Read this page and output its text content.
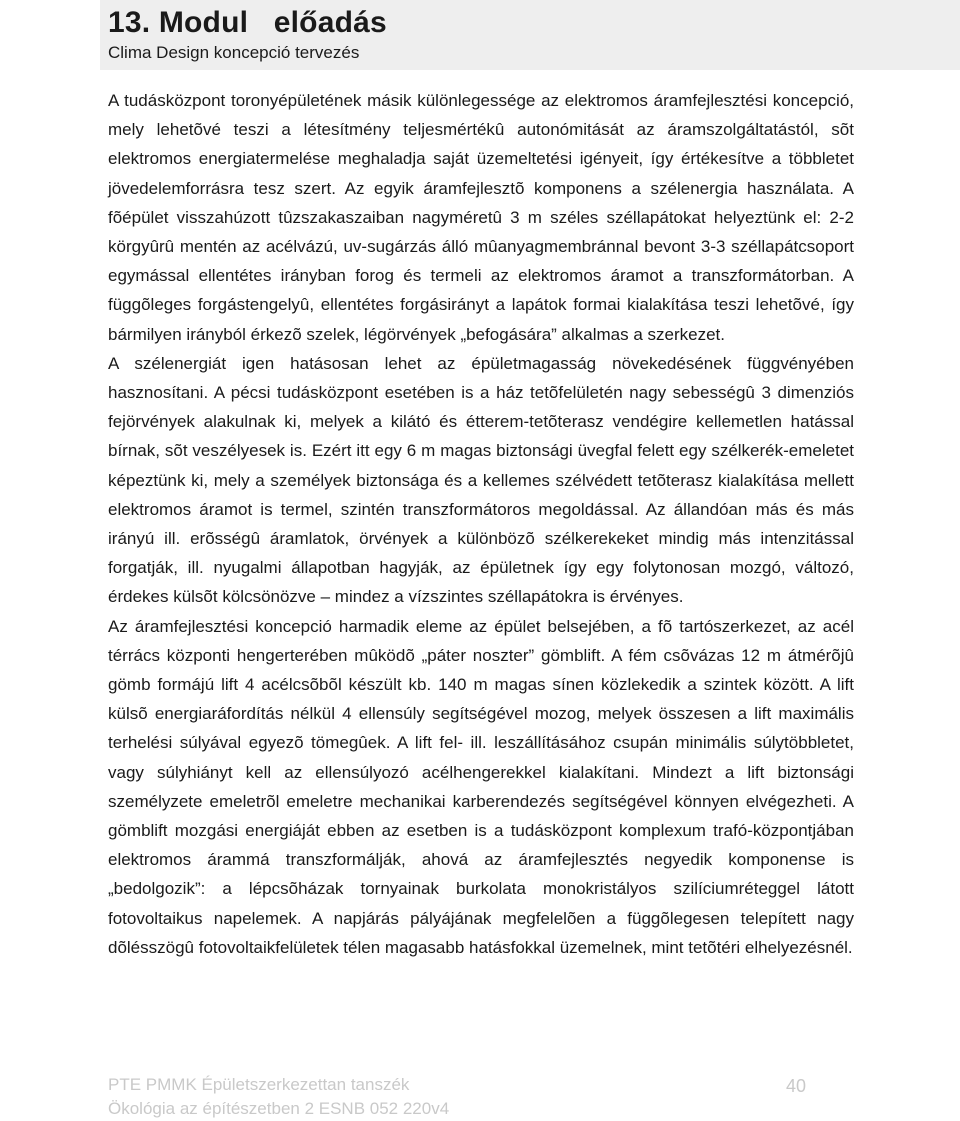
13. Modul   előadás
Clima Design koncepció tervezés

A tudásközpont toronyépületének másik különlegessége az elektromos áramfejlesztési koncepció, mely lehetõvé teszi a létesítmény teljesmértékû autonómitását az áramszolgáltatástól, sõt elektromos energiatermelése meghaladja saját üzemeltetési igényeit, így értékesítve a többletet jövedelemforrásra tesz szert. Az egyik áramfejlesztõ komponens a szélenergia használata. A fõépület visszahúzott tûzszakaszaiban nagyméretû 3 m széles széllapátokat helyeztünk el: 2-2 körgyûrû mentén az acélvázú, uv-sugárzás álló mûanyagmembránnal bevont 3-3 széllapátcsoport egymással ellentétes irányban forog és termeli az elektromos áramot a transzformátorban. A függõleges forgástengelyû, ellentétes forgásirányt a lapátok formai kialakítása teszi lehetõvé, így bármilyen irányból érkezõ szelek, légörvények „befogására” alkalmas a szerkezet.

A szélenergiát igen hatásosan lehet az épületmagasság növekedésének függvényében hasznosítani. A pécsi tudásközpont esetében is a ház tetõfelületén nagy sebességû 3 dimenziós fejörvények alakulnak ki, melyek a kilátó és étterem-tetõterasz vendégire kellemetlen hatással bírnak, sõt veszélyesek is. Ezért itt egy 6 m magas biztonsági üvegfal felett egy szélkerék-emeletet képeztünk ki, mely a személyek biztonsága és a kellemes szélvédett tetõterasz kialakítása mellett elektromos áramot is termel, szintén transzformátoros megoldással. Az állandóan más és más irányú ill. erõsségû áramlatok, örvények a különbözõ szélkerekeket mindig más intenzitással forgatják, ill. nyugalmi állapotban hagyják, az épületnek így egy folytonosan mozgó, változó, érdekes külsõt kölcsönözve – mindez a vízszintes széllapátokra is érvényes.

Az áramfejlesztési koncepció harmadik eleme az épület belsejében, a fõ tartószerkezet, az acél térrács központi hengerterében mûködõ „páter noszter” gömblift. A fém csõvázas 12 m átmérõjû gömb formájú lift 4 acélcsõbõl készült kb. 140 m magas sínen közlekedik a szintek között. A lift külsõ energiaráfordítás nélkül 4 ellensúly segítségével mozog, melyek összesen a lift maximális terhelési súlyával egyezõ tömegûek. A lift fel- ill. leszállításához csupán minimális súlytöbbletet, vagy súlyhiányt kell az ellensúlyozó acélhengerekkel kialakítani. Mindezt a lift biztonsági személyzete emeletrõl emeletre mechanikai karberendezés segítségével könnyen elvégezheti. A gömblift mozgási energiáját ebben az esetben is a tudásközpont komplexum trafó-központjában elektromos árammá transzformálják, ahová az áramfejlesztés negyedik komponense is „bedolgozik”: a lépcsõházak tornyainak burkolata monokristályos szilíciumréteggel látott fotovoltaikus napelemek. A napjárás pályájának megfelelõen a függõlegesen telepített nagy dõlésszögû fotovoltaikfelületek télen magasabb hatásfokkal üzemelnek, mint tetõtéri elhelyezésnél.

PTE PMMK Épületszerkezettan tanszék
Ökológia az építészetben 2 ESNB 052 220v4
40
